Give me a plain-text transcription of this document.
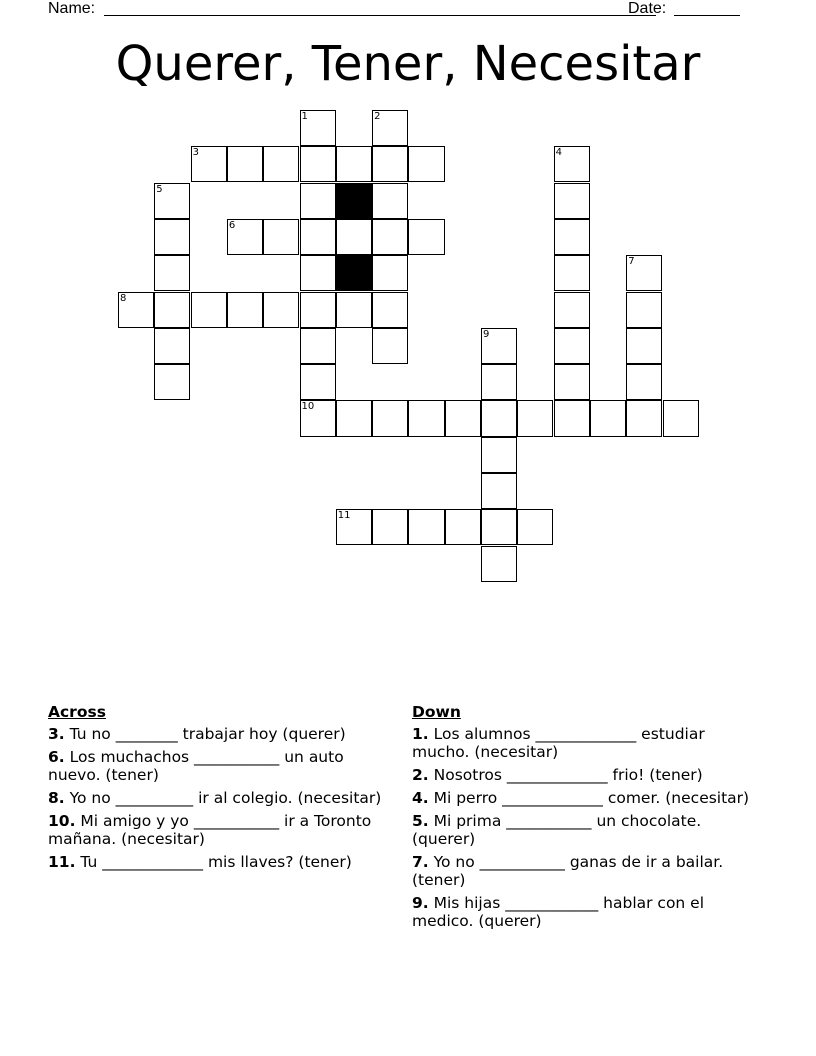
Name:	Date:
Querer, Tener, Necesitar
1	2
3	4
5
6
7
8
9
10
11
Across
3. Tu no ________ trabajar hoy (querer)
6. Los muchachos ___________ un auto nuevo. (tener)
8. Yo no __________ ir al colegio. (necesitar)
10. Mi amigo y yo ___________ ir a Toronto mañana. (necesitar)
11. Tu _____________ mis llaves? (tener)
Down
1. Los alumnos _____________ estudiar mucho. (necesitar)
2. Nosotros _____________ frio! (tener)
4. Mi perro _____________ comer. (necesitar)
5. Mi prima ___________ un chocolate. (querer)
7. Yo no ___________ ganas de ir a bailar. (tener)
9. Mis hijas ____________ hablar con el medico. (querer)
